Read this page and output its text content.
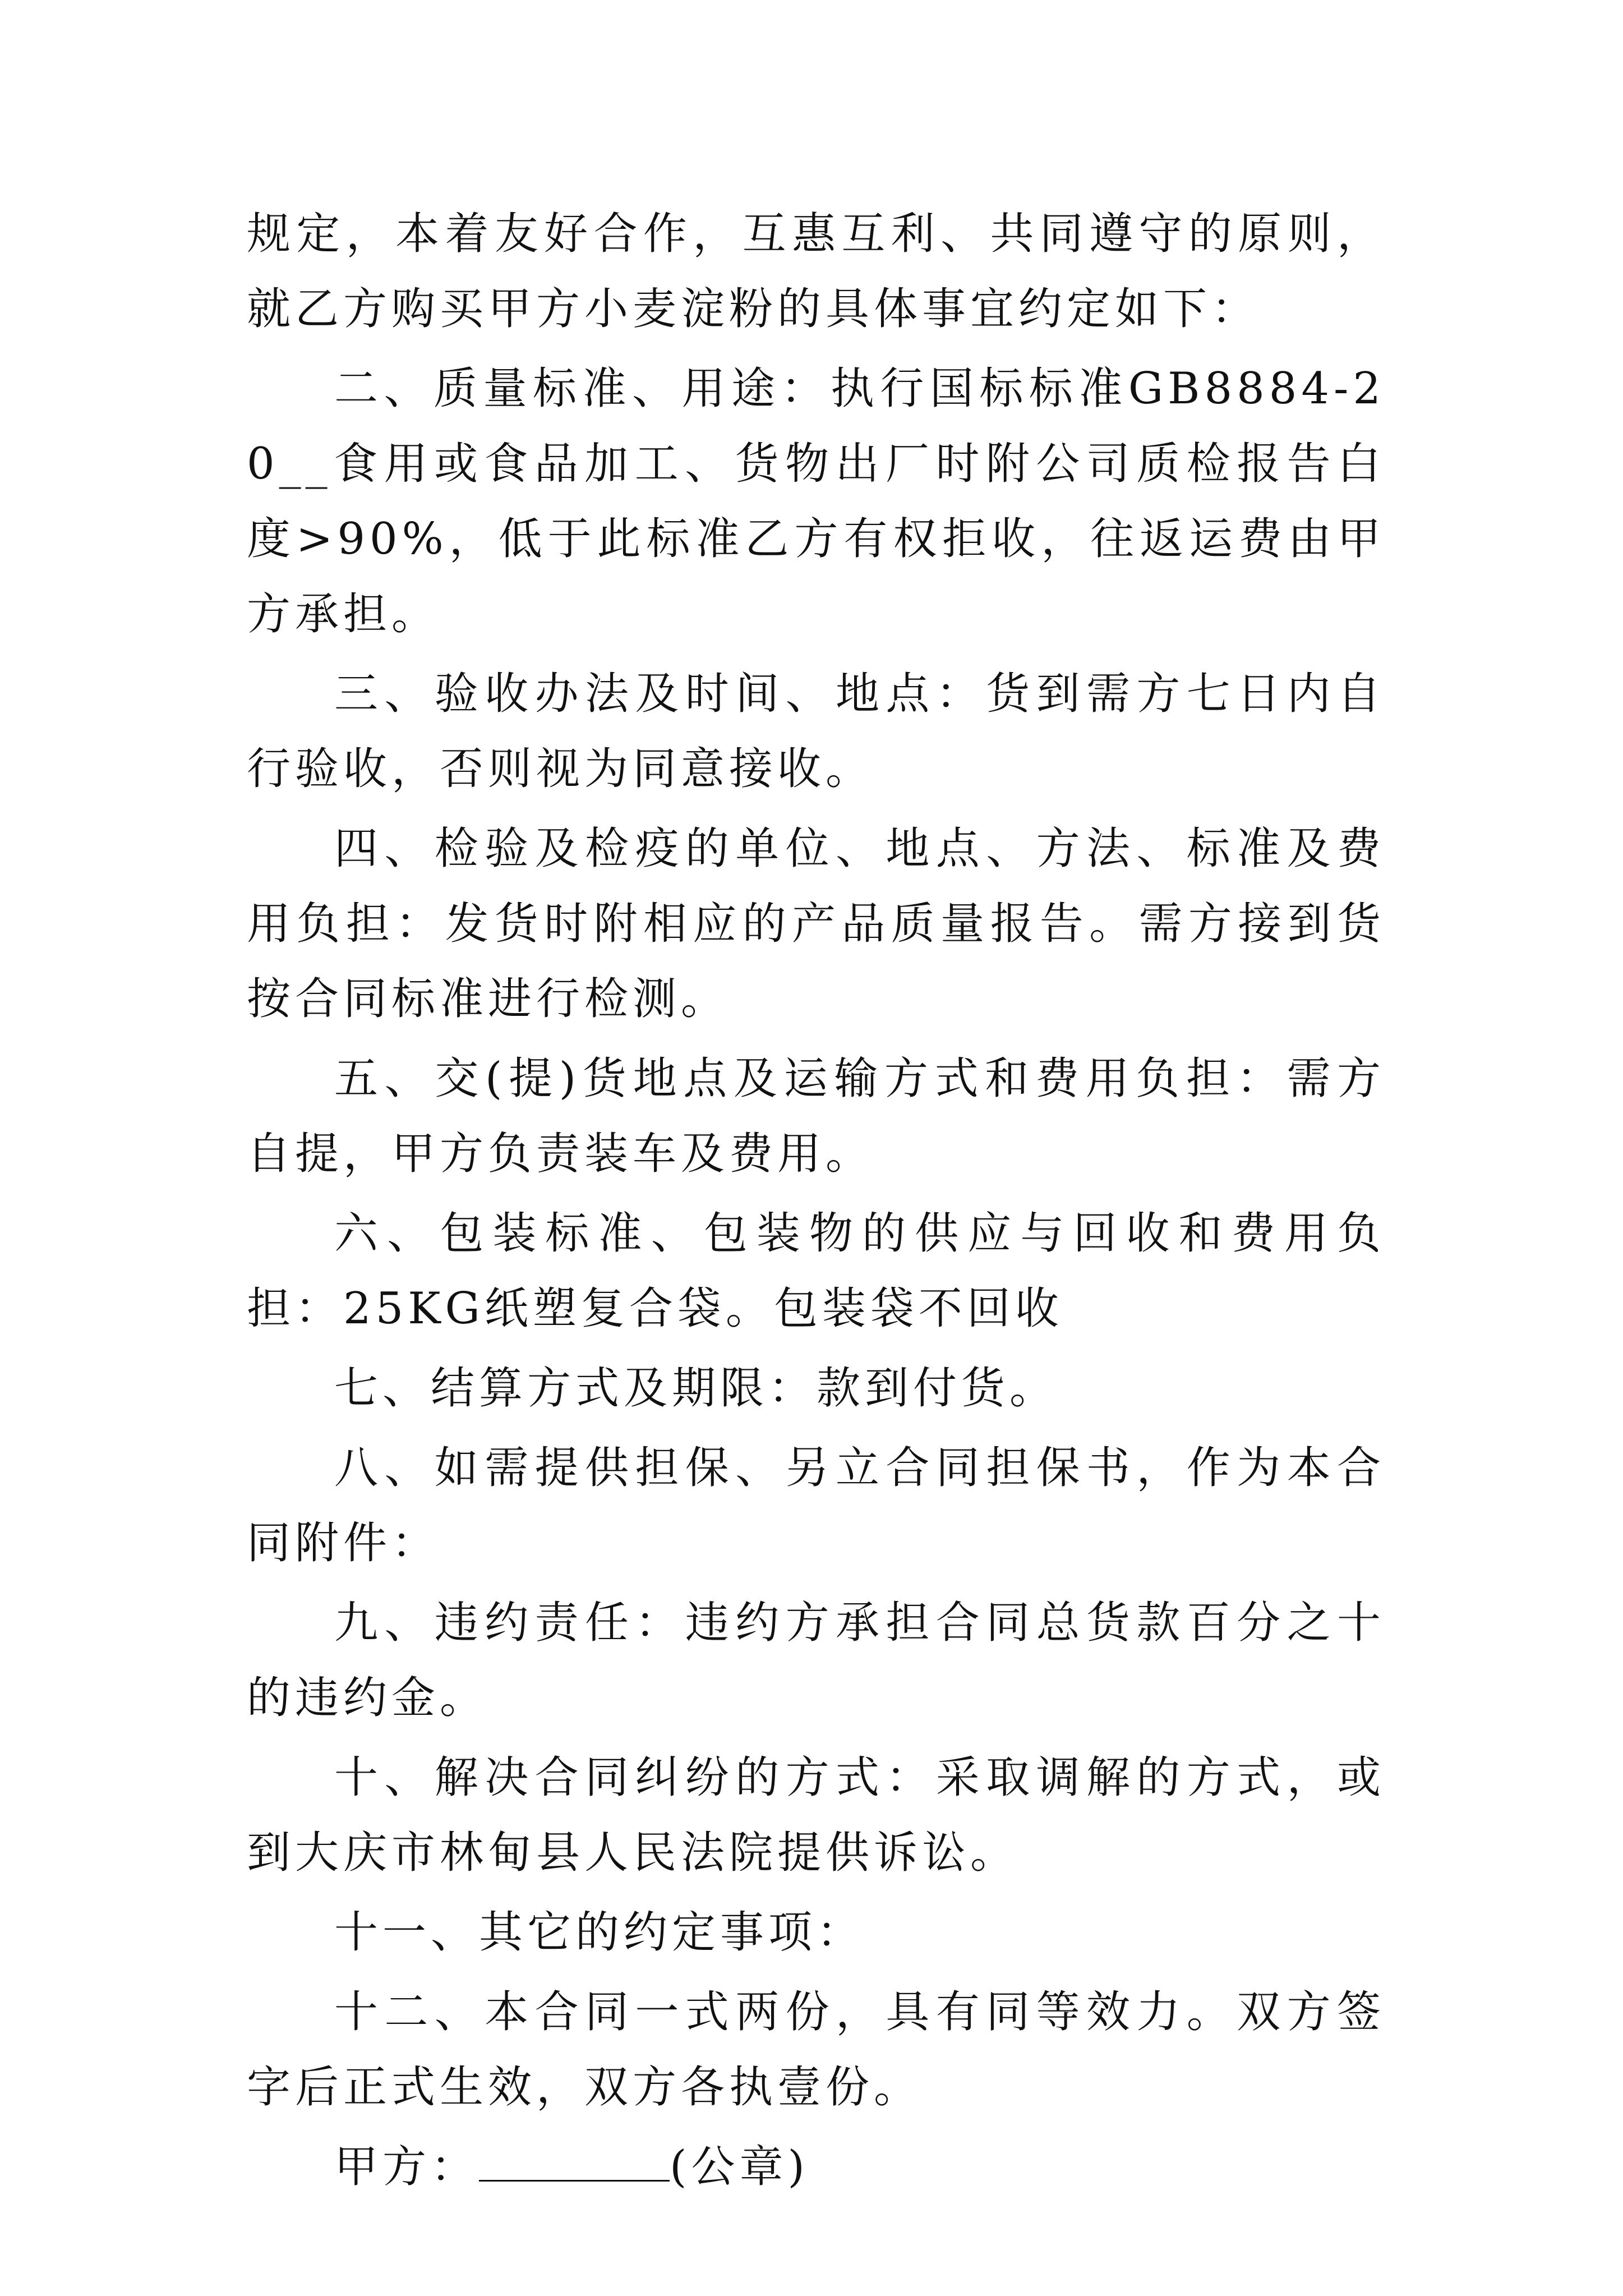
规定，本着友好合作，互惠互利、共同遵守的原则，就乙方购买甲方小麦淀粉的具体事宜约定如下：

二、质量标准、用途：执行国标标准GB8884-20__食用或食品加工、货物出厂时附公司质检报告白度>90%，低于此标准乙方有权拒收，往返运费由甲方承担。

三、验收办法及时间、地点：货到需方七日内自行验收，否则视为同意接收。

四、检验及检疫的单位、地点、方法、标准及费用负担：发货时附相应的产品质量报告。需方接到货按合同标准进行检测。

五、交(提)货地点及运输方式和费用负担：需方自提，甲方负责装车及费用。

六、包装标准、包装物的供应与回收和费用负担：25KG纸塑复合袋。包装袋不回收

七、结算方式及期限：款到付货。

八、如需提供担保、另立合同担保书，作为本合同附件：

九、违约责任：违约方承担合同总货款百分之十的违约金。

十、解决合同纠纷的方式：采取调解的方式，或到大庆市林甸县人民法院提供诉讼。

十一、其它的约定事项：

十二、本合同一式两份，具有同等效力。双方签字后正式生效，双方各执壹份。

甲方：	(公章)
